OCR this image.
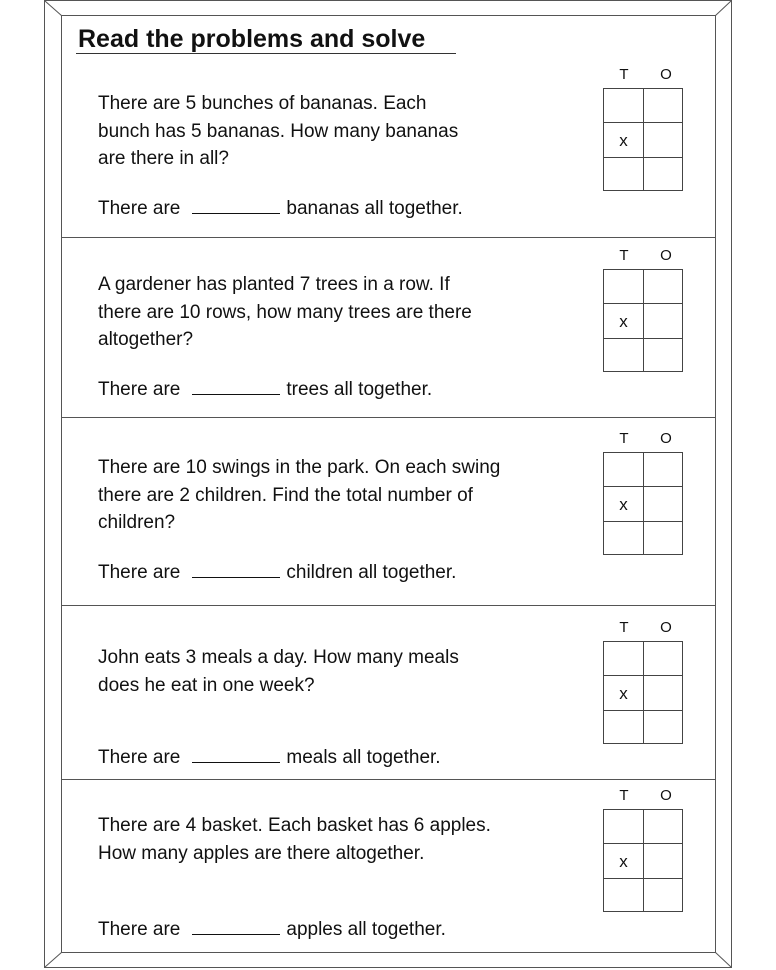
Read the problems and solve

There are 5 bunches of bananas. Each
bunch has 5 bananas. How many bananas
are there in all?

There are	bananas all together.

T	O
x

A gardener has planted 7 trees in a row. If
there are 10 rows, how many trees are there
altogether?

There are	trees all together.

T	O
x

There are 10 swings in the park. On each swing
there are 2 children. Find the total number of
children?

There are	children all together.

T	O
x

John eats 3 meals a day. How many meals
does he eat in one week?

There are	meals all together.

T	O
x

There are 4 basket. Each basket has 6 apples.
How many apples are there altogether.

There are	apples all together.

T	O
x
